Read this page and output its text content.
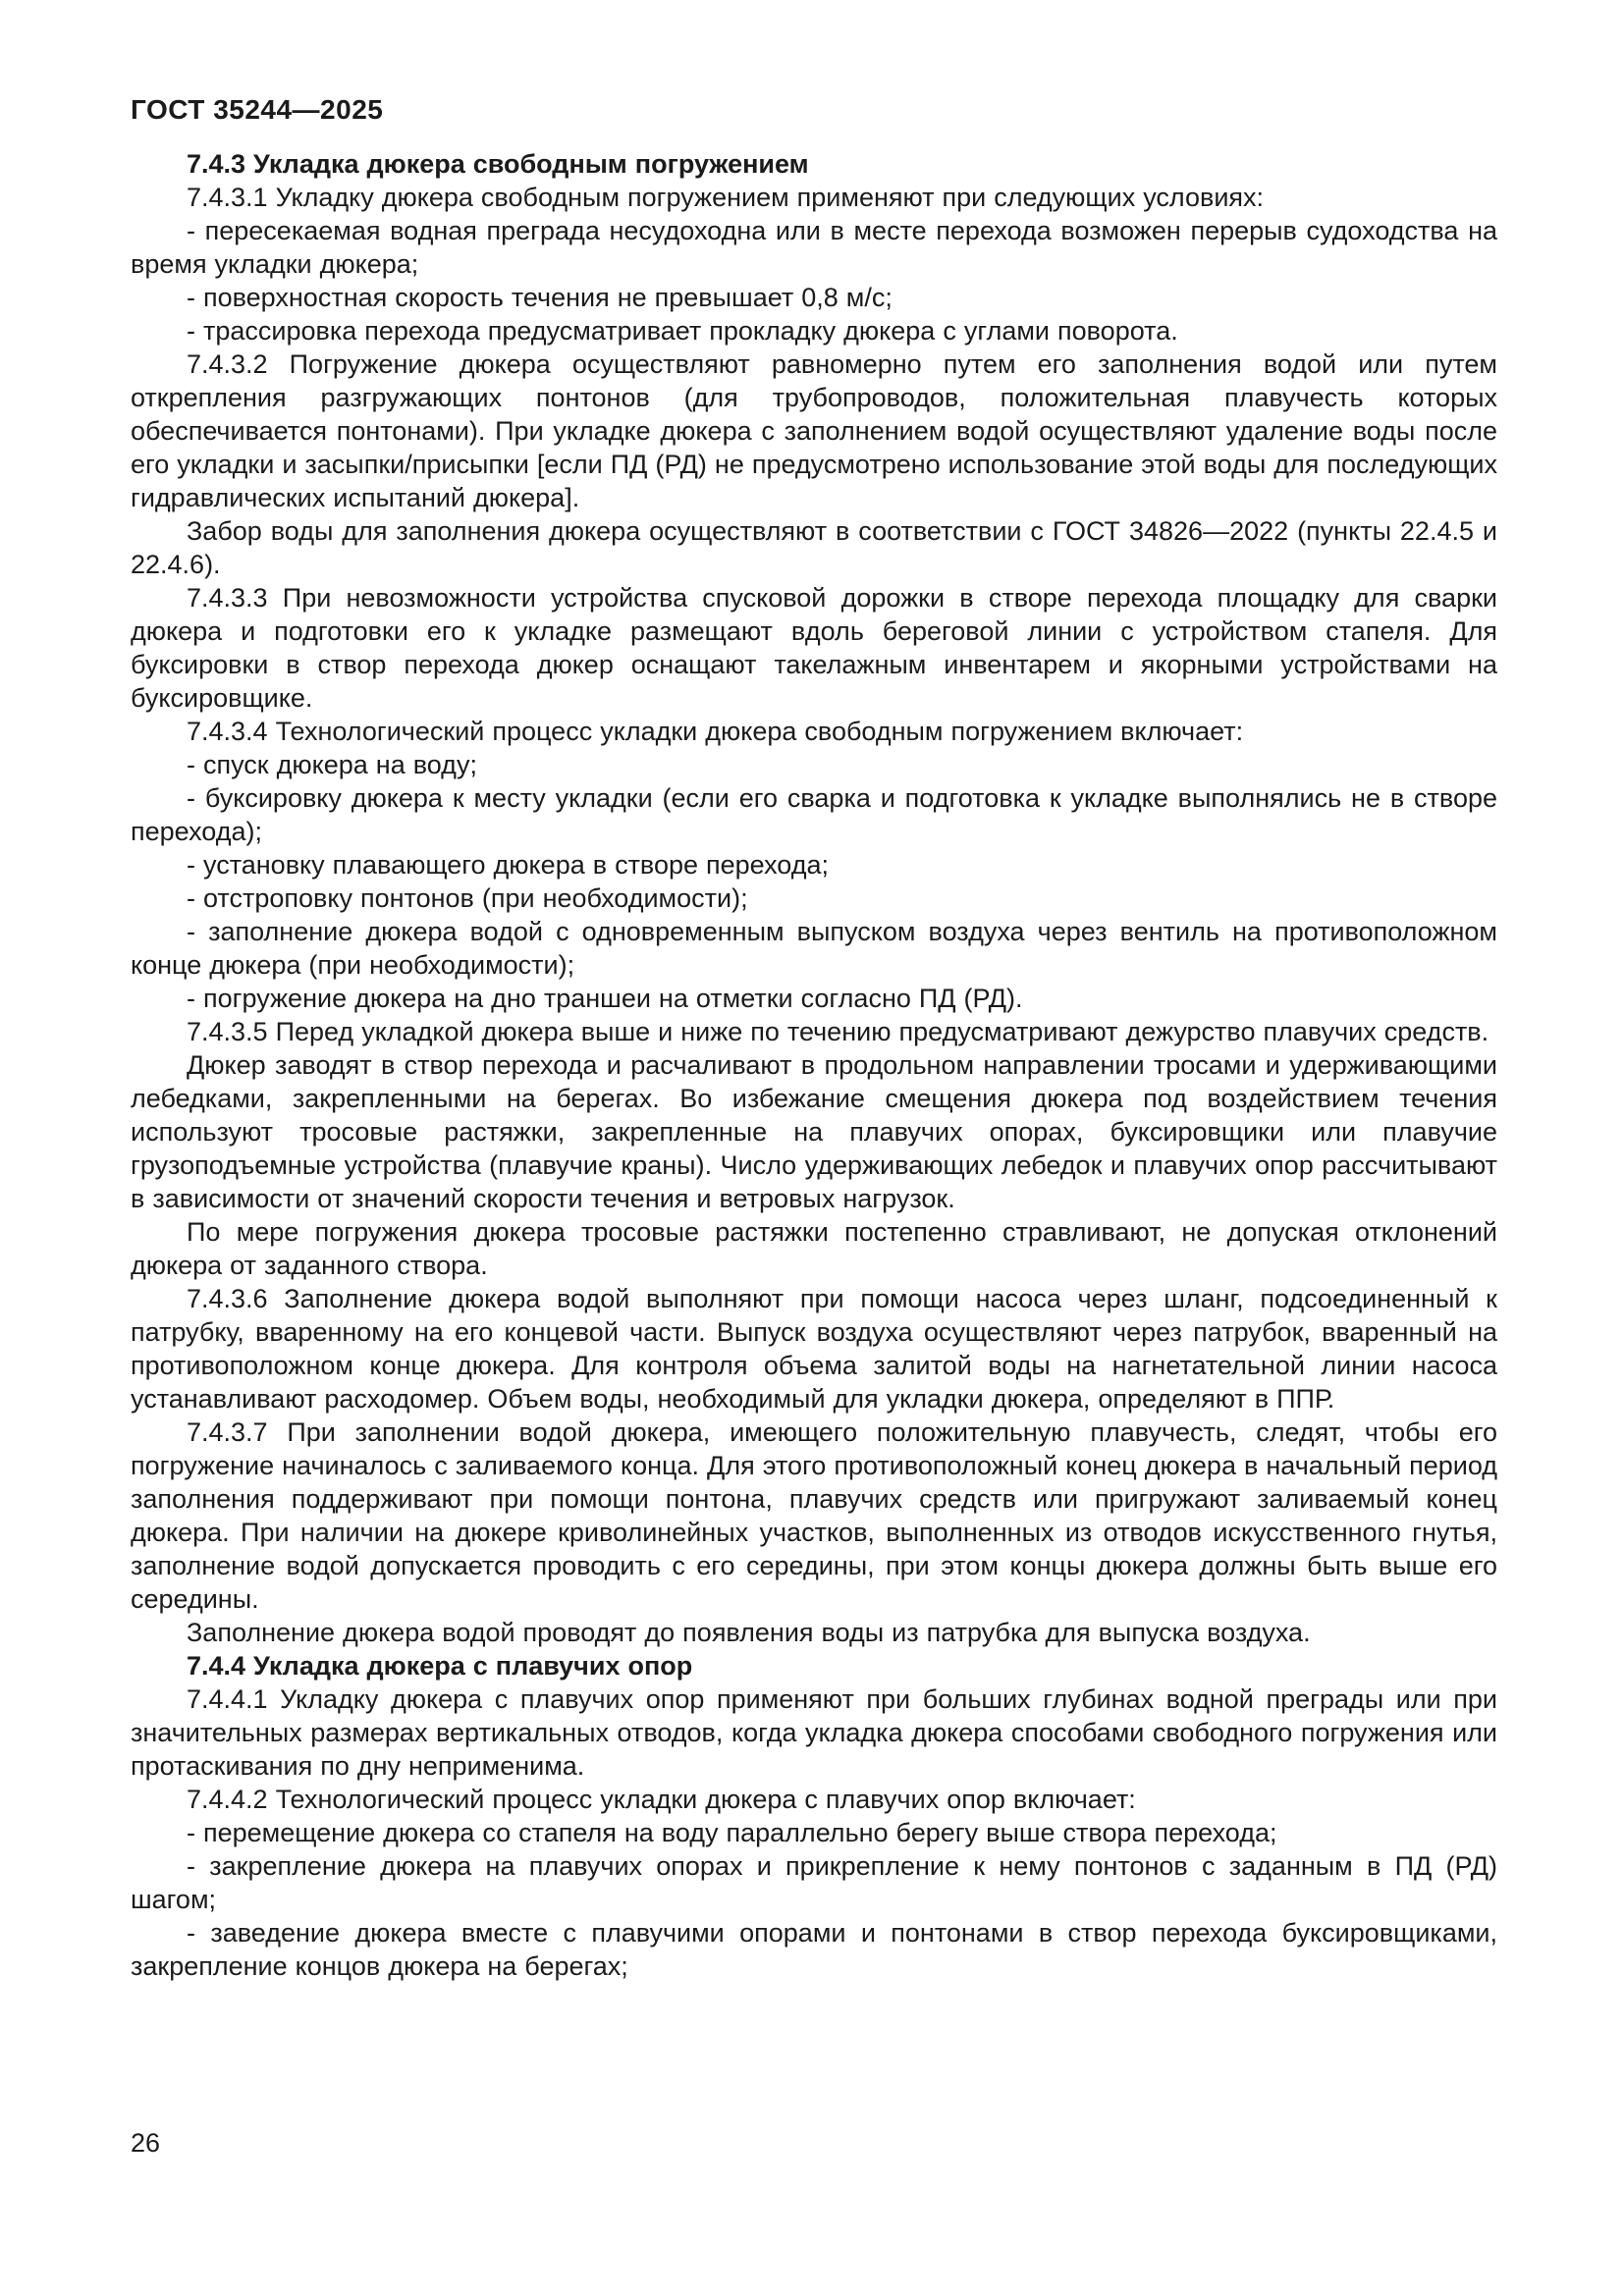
ГОСТ 35244—2025

7.4.3 Укладка дюкера свободным погружением

7.4.3.1 Укладку дюкера свободным погружением применяют при следующих условиях:

- пересекаемая водная преграда несудоходна или в месте перехода возможен перерыв судоходства на время укладки дюкера;

- поверхностная скорость течения не превышает 0,8 м/с;

- трассировка перехода предусматривает прокладку дюкера с углами поворота.

7.4.3.2 Погружение дюкера осуществляют равномерно путем его заполнения водой или путем открепления разгружающих понтонов (для трубопроводов, положительная плавучесть которых обеспечивается понтонами). При укладке дюкера с заполнением водой осуществляют удаление воды после его укладки и засыпки/присыпки [если ПД (РД) не предусмотрено использование этой воды для последующих гидравлических испытаний дюкера].

Забор воды для заполнения дюкера осуществляют в соответствии с ГОСТ 34826—2022 (пункты 22.4.5 и 22.4.6).

7.4.3.3 При невозможности устройства спусковой дорожки в створе перехода площадку для сварки дюкера и подготовки его к укладке размещают вдоль береговой линии с устройством стапеля. Для буксировки в створ перехода дюкер оснащают такелажным инвентарем и якорными устройствами на буксировщике.

7.4.3.4 Технологический процесс укладки дюкера свободным погружением включает:

- спуск дюкера на воду;

- буксировку дюкера к месту укладки (если его сварка и подготовка к укладке выполнялись не в створе перехода);

- установку плавающего дюкера в створе перехода;

- отстроповку понтонов (при необходимости);

- заполнение дюкера водой с одновременным выпуском воздуха через вентиль на противоположном конце дюкера (при необходимости);

- погружение дюкера на дно траншеи на отметки согласно ПД (РД).

7.4.3.5 Перед укладкой дюкера выше и ниже по течению предусматривают дежурство плавучих средств.

Дюкер заводят в створ перехода и расчаливают в продольном направлении тросами и удерживающими лебедками, закрепленными на берегах. Во избежание смещения дюкера под воздействием течения используют тросовые растяжки, закрепленные на плавучих опорах, буксировщики или плавучие грузоподъемные устройства (плавучие краны). Число удерживающих лебедок и плавучих опор рассчитывают в зависимости от значений скорости течения и ветровых нагрузок.

По мере погружения дюкера тросовые растяжки постепенно стравливают, не допуская отклонений дюкера от заданного створа.

7.4.3.6 Заполнение дюкера водой выполняют при помощи насоса через шланг, подсоединенный к патрубку, вваренному на его концевой части. Выпуск воздуха осуществляют через патрубок, вваренный на противоположном конце дюкера. Для контроля объема залитой воды на нагнетательной линии насоса устанавливают расходомер. Объем воды, необходимый для укладки дюкера, определяют в ППР.

7.4.3.7 При заполнении водой дюкера, имеющего положительную плавучесть, следят, чтобы его погружение начиналось с заливаемого конца. Для этого противоположный конец дюкера в начальный период заполнения поддерживают при помощи понтона, плавучих средств или пригружают заливаемый конец дюкера. При наличии на дюкере криволинейных участков, выполненных из отводов искусственного гнутья, заполнение водой допускается проводить с его середины, при этом концы дюкера должны быть выше его середины.

Заполнение дюкера водой проводят до появления воды из патрубка для выпуска воздуха.

7.4.4 Укладка дюкера с плавучих опор

7.4.4.1 Укладку дюкера с плавучих опор применяют при больших глубинах водной преграды или при значительных размерах вертикальных отводов, когда укладка дюкера способами свободного погружения или протаскивания по дну неприменима.

7.4.4.2 Технологический процесс укладки дюкера с плавучих опор включает:

- перемещение дюкера со стапеля на воду параллельно берегу выше створа перехода;

- закрепление дюкера на плавучих опорах и прикрепление к нему понтонов с заданным в ПД (РД) шагом;

- заведение дюкера вместе с плавучими опорами и понтонами в створ перехода буксировщиками, закрепление концов дюкера на берегах;

26
